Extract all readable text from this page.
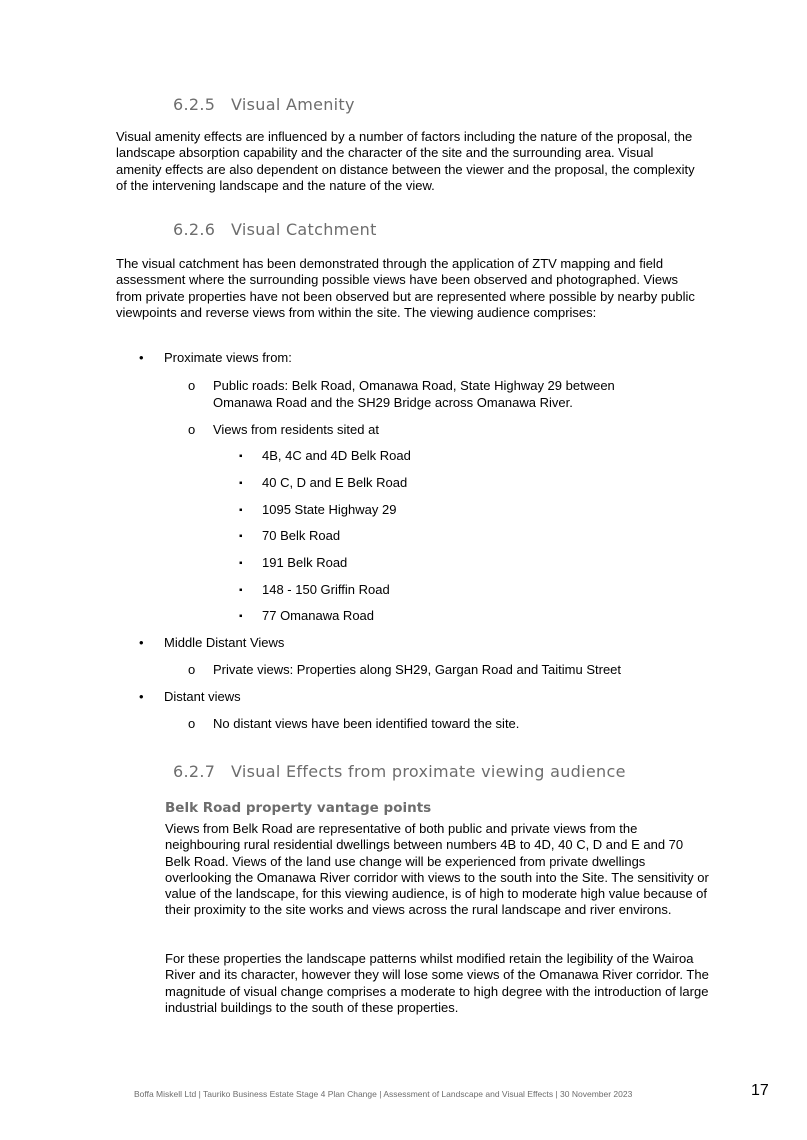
6.2.5 Visual Amenity

Visual amenity effects are influenced by a number of factors including the nature of the proposal, the landscape absorption capability and the character of the site and the surrounding area. Visual amenity effects are also dependent on distance between the viewer and the proposal, the complexity of the intervening landscape and the nature of the view.

6.2.6 Visual Catchment

The visual catchment has been demonstrated through the application of ZTV mapping and field assessment where the surrounding possible views have been observed and photographed. Views from private properties have not been observed but are represented where possible by nearby public viewpoints and reverse views from within the site. The viewing audience comprises:

• Proximate views from:
o Public roads: Belk Road, Omanawa Road, State Highway 29 between
Omanawa Road and the SH29 Bridge across Omanawa River.
o Views from residents sited at
▪ 4B, 4C and 4D Belk Road
▪ 40 C, D and E Belk Road
▪ 1095 State Highway 29
▪ 70 Belk Road
▪ 191 Belk Road
▪ 148 - 150 Griffin Road
▪ 77 Omanawa Road
• Middle Distant Views
o Private views: Properties along SH29, Gargan Road and Taitimu Street
• Distant views
o No distant views have been identified toward the site.
6.2.7 Visual Effects from proximate viewing audience
Belk Road property vantage points

Views from Belk Road are representative of both public and private views from the neighbouring rural residential dwellings between numbers 4B to 4D, 40 C, D and E and 70 Belk Road. Views of the land use change will be experienced from private dwellings overlooking the Omanawa River corridor with views to the south into the Site. The sensitivity or value of the landscape, for this viewing audience, is of high to moderate high value because of their proximity to the site works and views across the rural landscape and river environs.

For these properties the landscape patterns whilst modified retain the legibility of the Wairoa River and its character, however they will lose some views of the Omanawa River corridor. The magnitude of visual change comprises a moderate to high degree with the introduction of large industrial buildings to the south of these properties.

Boffa Miskell Ltd | Tauriko Business Estate Stage 4 Plan Change | Assessment of Landscape and Visual Effects | 30 November 2023	17
